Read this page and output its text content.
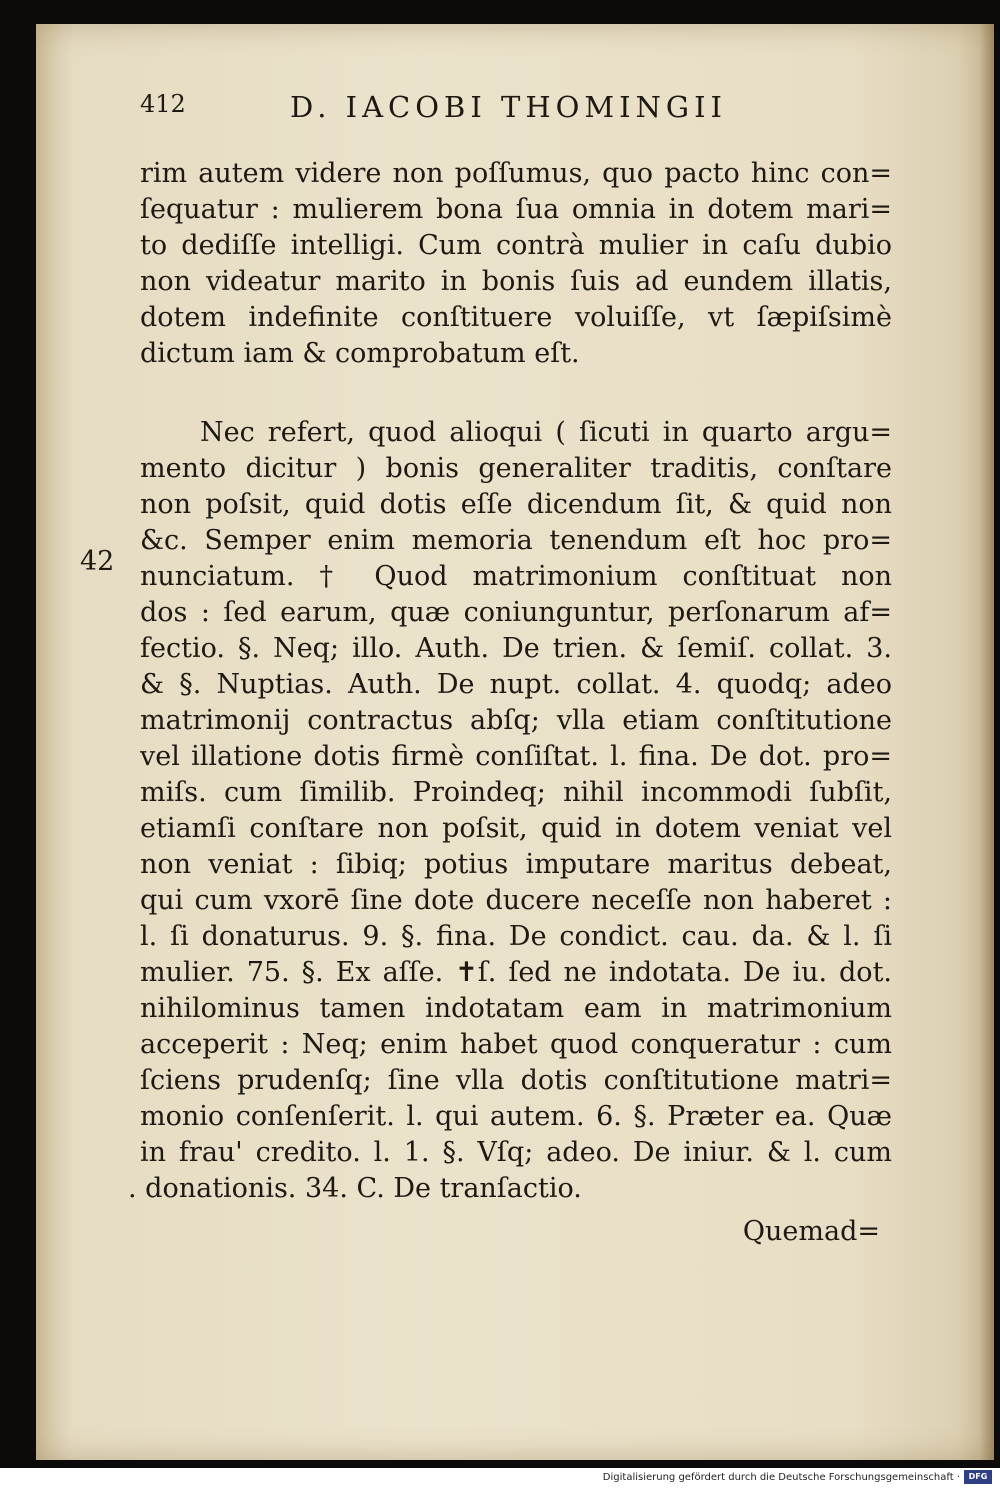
412	D. IACOBI THOMINGII
rim autem videre non poſſumus, quo pacto hinc con=
ſequatur : mulierem bona ſua omnia in dotem mari=
to dediſſe intelligi. Cum contrà mulier in caſu dubio
non videatur marito in bonis ſuis ad eundem illatis,
dotem indefinite conſtituere voluiſſe, vt ſæpiſsimè
dictum iam & comprobatum eſt.
Nec refert, quod alioqui ( ſicuti in quarto argu=
mento dicitur ) bonis generaliter traditis, conſtare
non poſsit, quid dotis eſſe dicendum ſit, & quid non
&c. Semper enim memoria tenendum eſt hoc pro=
42 nunciatum. † Quod matrimonium conſtituat non
dos : ſed earum, quæ coniunguntur, perſonarum af=
fectio. §. Neq; illo. Auth. De trien. & ſemiſ. collat. 3.
& §. Nuptias. Auth. De nupt. collat. 4. quodq; adeo
matrimonij contractus abſq; vlla etiam conſtitutione
vel illatione dotis firmè conſiſtat. l. fina. De dot. pro=
miſs. cum ſimilib. Proindeq; nihil incommodi ſubſit,
etiamſi conſtare non poſsit, quid in dotem veniat vel
non veniat : ſibiq; potius imputare maritus debeat,
qui cum vxorē ſine dote ducere neceſſe non haberet :
l. ſi donaturus. 9. §. fina. De condict. cau. da. & l. ſi
mulier. 75. §. Ex aſſe. ✝ſ. ſed ne indotata. De iu. dot.
nihilominus tamen indotatam eam in matrimonium
acceperit : Neq; enim habet quod conqueratur : cum
ſciens prudenſq; ſine vlla dotis conſtitutione matri=
monio conſenſerit. l. qui autem. 6. §. Præter ea. Quæ
in frau' credito. l. 1. §. Vſq; adeo. De iniur. & l. cum
. donationis. 34. C. De tranſactio.
Quemad=
Digitalisierung gefördert durch die Deutsche Forschungsgemeinschaft ·	DFG
